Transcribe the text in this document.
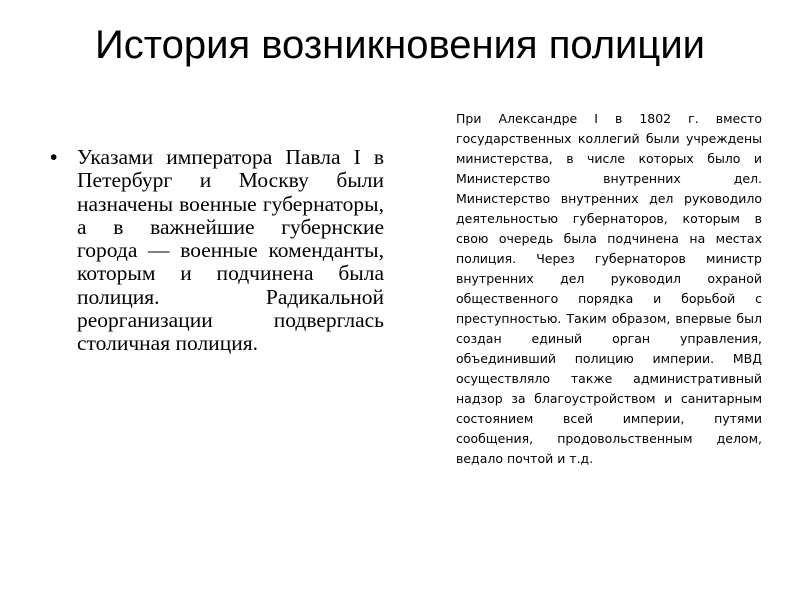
История возникновения полиции
• Указами императора Павла I в Петербург и Москву были назначены военные губернаторы, а в важнейшие губернские города — военные коменданты, которым и подчинена была полиция. Радикальной реорганизации подверглась столичная полиция.
При Александре I в 1802 г. вместо государственных коллегий были учреждены министерства, в числе которых было и Министерство внутренних дел. Министерство внутренних дел руководило деятельностью губернаторов, которым в свою очередь была подчинена на местах полиция. Через губернаторов министр внутренних дел руководил охраной общественного порядка и борьбой с преступностью. Таким образом, впервые был создан единый орган управления, объединивший полицию империи. МВД осуществляло также административный надзор за благоустройством и санитарным состоянием всей империи, путями сообщения, продовольственным делом, ведало почтой и т.д.
